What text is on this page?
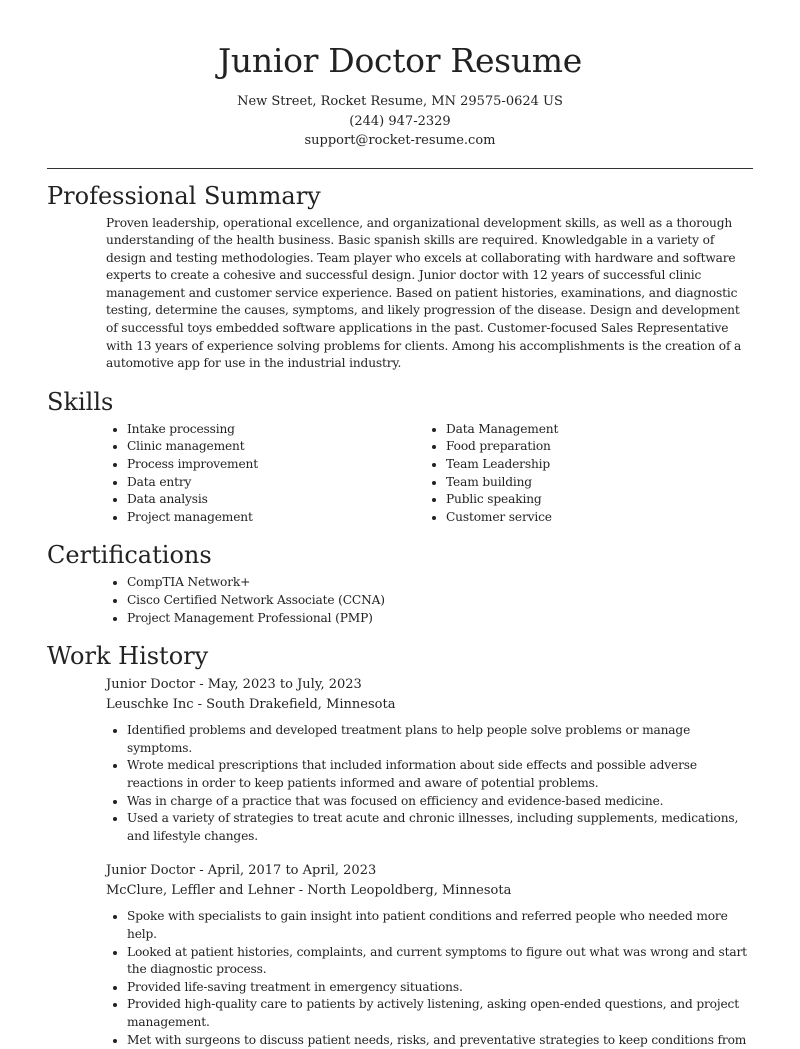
Junior Doctor Resume

New Street, Rocket Resume, MN 29575-0624 US

(244) 947-2329

support@rocket-resume.com

Professional Summary

Proven leadership, operational excellence, and organizational development skills, as well as a thorough understanding of the health business. Basic spanish skills are required. Knowledgable in a variety of design and testing methodologies. Team player who excels at collaborating with hardware and software experts to create a cohesive and successful design. Junior doctor with 12 years of successful clinic management and customer service experience. Based on patient histories, examinations, and diagnostic testing, determine the causes, symptoms, and likely progression of the disease. Design and development of successful toys embedded software applications in the past. Customer-focused Sales Representative with 13 years of experience solving problems for clients. Among his accomplishments is the creation of a automotive app for use in the industrial industry.

Skills
• Intake processing
• Clinic management
• Process improvement
• Data entry
• Data analysis
• Project management
• Data Management
• Food preparation
• Team Leadership
• Team building
• Public speaking
• Customer service
Certifications
• CompTIA Network+
• Cisco Certified Network Associate (CCNA)
• Project Management Professional (PMP)
Work History

Junior Doctor - May, 2023 to July, 2023

Leuschke Inc - South Drakefield, Minnesota

• Identified problems and developed treatment plans to help people solve problems or manage symptoms.
• Wrote medical prescriptions that included information about side effects and possible adverse reactions in order to keep patients informed and aware of potential problems.
• Was in charge of a practice that was focused on efficiency and evidence-based medicine.
• Used a variety of strategies to treat acute and chronic illnesses, including supplements, medications, and lifestyle changes.

Junior Doctor - April, 2017 to April, 2023

McClure, Leffler and Lehner - North Leopoldberg, Minnesota

• Spoke with specialists to gain insight into patient conditions and referred people who needed more help.
• Looked at patient histories, complaints, and current symptoms to figure out what was wrong and start the diagnostic process.
• Provided life-saving treatment in emergency situations.
• Provided high-quality care to patients by actively listening, asking open-ended questions, and project management.
• Met with surgeons to discuss patient needs, risks, and preventative strategies to keep conditions from
